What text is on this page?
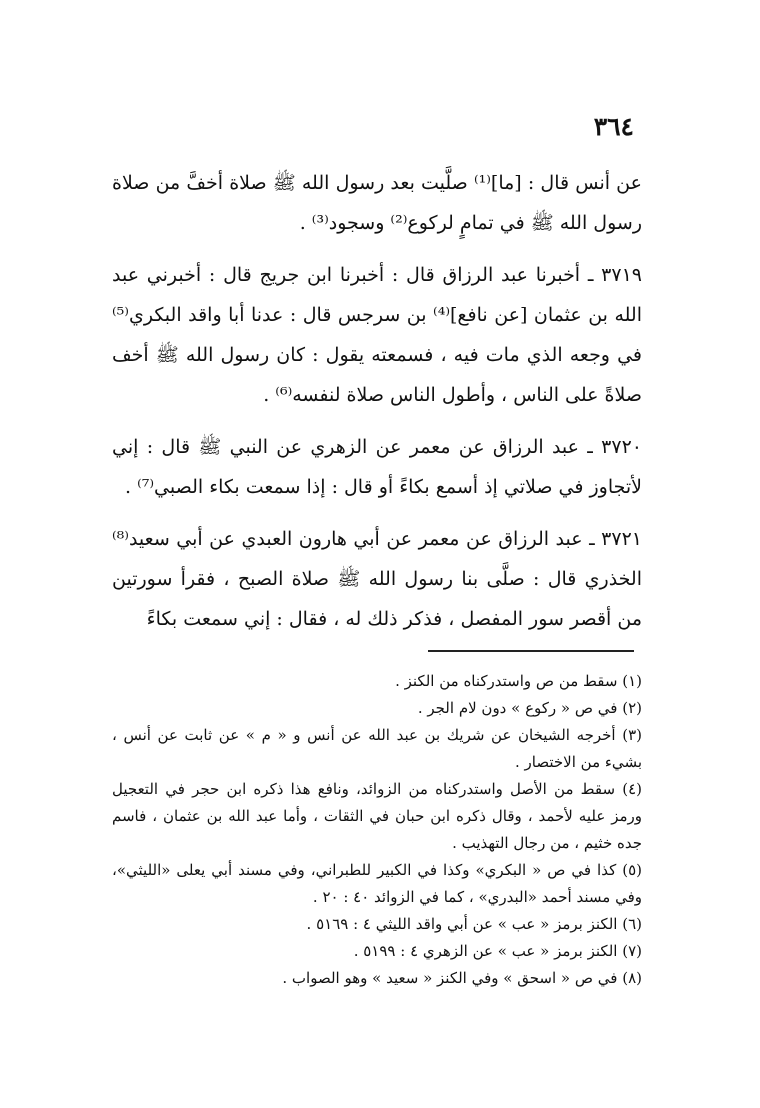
٣٦٤

عن أنس قال : [ما]⁽¹⁾ صلَّيت بعد رسول الله ﷺ صلاة أخفَّ من صلاة رسول الله ﷺ في تمامٍ لركوع⁽²⁾ وسجود⁽³⁾ .

٣٧١٩ ـ أخبرنا عبد الرزاق قال : أخبرنا ابن جريج قال : أخبرني عبد الله بن عثمان [عن نافع]⁽⁴⁾ بن سرجس قال : عدنا أبا واقد البكري⁽⁵⁾ في وجعه الذي مات فيه ، فسمعته يقول : كان رسول الله ﷺ أخف صلاةً على الناس ، وأطول الناس صلاة لنفسه⁽⁶⁾ .

٣٧٢٠ ـ عبد الرزاق عن معمر عن الزهري عن النبي ﷺ قال : إني لأتجاوز في صلاتي إذ أسمع بكاءً أو قال : إذا سمعت بكاء الصبي⁽⁷⁾ .

٣٧٢١ ـ عبد الرزاق عن معمر عن أبي هارون العبدي عن أبي سعيد⁽⁸⁾ الخذري قال : صلَّى بنا رسول الله ﷺ صلاة الصبح ، فقرأ سورتين من أقصر سور المفصل ، فذكر ذلك له ، فقال : إني سمعت بكاءً

(١) سقط من ص واستدركناه من الكنز .

(٢) في ص « ركوع » دون لام الجر .

(٣) أخرجه الشيخان عن شريك بن عبد الله عن أنس و « م » عن ثابت عن أنس ، بشيء من الاختصار .

(٤) سقط من الأصل واستدركناه من الزوائد، ونافع هذا ذكره ابن حجر في التعجيل ورمز عليه لأحمد ، وقال ذكره ابن حبان في الثقات ، وأما عبد الله بن عثمان ، فاسم جده خثيم ، من رجال التهذيب .

(٥) كذا في ص « البكري» وكذا في الكبير للطبراني، وفي مسند أبي يعلى «الليثي»، وفي مسند أحمد «البدري» ، كما في الزوائد ٤٠ : ٢٠ .

(٦) الكنز برمز « عب » عن أبي واقد الليثي ٤ : ٥١٦٩ .

(٧) الكنز برمز « عب » عن الزهري ٤ : ٥١٩٩ .

(٨) في ص « اسحق » وفي الكنز « سعيد » وهو الصواب .
